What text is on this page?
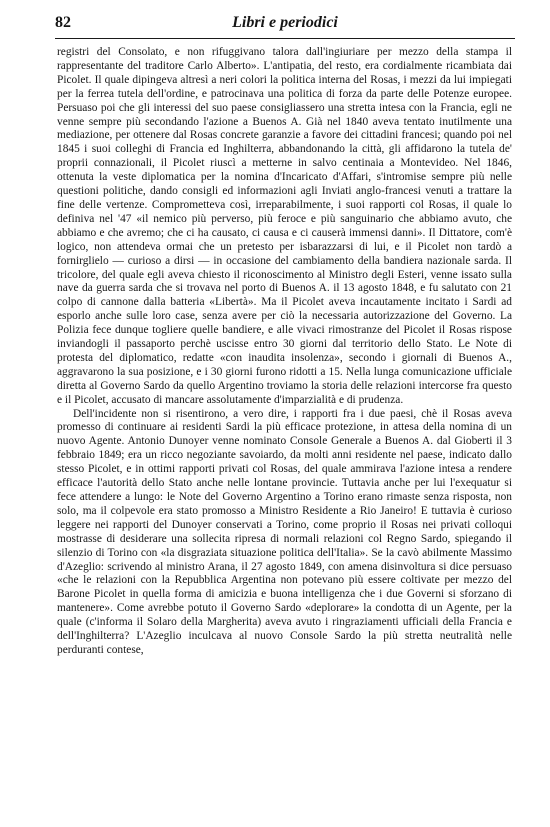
82	Libri e periodici

registri del Consolato, e non rifuggivano talora dall'ingiuriare per mezzo della stampa il rappresentante del traditore Carlo Alberto». L'antipatia, del resto, era cordialmente ricambiata dai Picolet. Il quale dipingeva altresì a neri colori la politica interna del Rosas, i mezzi da lui impiegati per la ferrea tutela dell'ordine, e patrocinava una politica di forza da parte delle Potenze europee. Persuaso poi che gli interessi del suo paese consigliassero una stretta intesa con la Francia, egli ne venne sempre più secondando l'azione a Buenos A. Già nel 1840 aveva tentato inutilmente una mediazione, per ottenere dal Rosas concrete garanzie a favore dei cittadini francesi; quando poi nel 1845 i suoi colleghi di Francia ed Inghilterra, abbandonando la città, gli affidarono la tutela de' proprii connazionali, il Picolet riuscì a metterne in salvo centinaia a Montevideo. Nel 1846, ottenuta la veste diplomatica per la nomina d'Incaricato d'Affari, s'intromise sempre più nelle questioni politiche, dando consigli ed informazioni agli Inviati anglo-francesi venuti a trattare la fine delle vertenze. Compromettevа così, irreparabilmente, i suoi rapporti col Rosas, il quale lo definiva nel '47 «il nemico più perverso, più feroce e più sanguinario che abbiamo avuto, che abbiamo e che avremo; che ci ha causato, ci causa e ci causerà immensi danni». Il Dittatore, com'è logico, non attendeva ormai che un pretesto per isbarazzarsi di lui, e il Picolet non tardò a fornirglielo — curioso a dirsi — in occasione del cambiamento della bandiera nazionale sarda. Il tricolore, del quale egli aveva chiesto il riconoscimento al Ministro degli Esteri, venne issato sulla nave da guerra sarda che si trovava nel porto di Buenos A. il 13 agosto 1848, e fu salutato con 21 colpo di cannone dalla batteria «Libertà». Ma il Picolet aveva incautamente incitato i Sardi ad esporlo anche sulle loro case, senza avere per ciò la necessaria autorizzazione del Governo. La Polizia fece dunque togliere quelle bandiere, e alle vivaci rimostranze del Picolet il Rosas rispose inviandogli il passaporto perchè uscisse entro 30 giorni dal territorio dello Stato. Le Note di protesta del diplomatico, redatte «con inaudita insolenza», secondo i giornali di Buenos A., aggravarono la sua posizione, e i 30 giorni furono ridotti a 15. Nella lunga comunicazione ufficiale diretta al Governo Sardo da quello Argentino troviamo la storia delle relazioni intercorse fra questo e il Picolet, accusato di mancare assolutamente d'imparzialità e di prudenza.

Dell'incidente non si risentirono, a vero dire, i rapporti fra i due paesi, chè il Rosas aveva promesso di continuare ai residenti Sardi la più efficace protezione, in attesa della nomina di un nuovo Agente. Antonio Dunoyer venne nominato Console Generale a Buenos A. dal Gioberti il 3 febbraio 1849; era un ricco negoziante savoiardo, da molti anni residente nel paese, indicato dallo stesso Picolet, e in ottimi rapporti privati col Rosas, del quale ammirava l'azione intesa a rendere efficace l'autorità dello Stato anche nelle lontane provincie. Tuttavia anche per lui l'exequatur si fece attendere a lungo: le Note del Governo Argentino a Torino erano rimaste senza risposta, non solo, ma il colpevole era stato promosso a Ministro Residente a Rio Janeiro! E tuttavia è curioso leggere nei rapporti del Dunoyer conservati a Torino, come proprio il Rosas nei privati colloqui mostrasse di desiderare una sollecita ripresa di normali relazioni col Regno Sardo, spiegando il silenzio di Torino con «la disgraziata situazione politica dell'Italia». Se la cavò abilmente Massimo d'Azeglio: scrivendo al ministro Arana, il 27 agosto 1849, con amena disinvoltura si dice persuaso «che le relazioni con la Repubblica Argentina non potevano più essere coltivate per mezzo del Barone Picolet in quella forma di amicizia e buona intelligenza che i due Governi si sforzano di mantenere». Come avrebbe potuto il Governo Sardo «deplorare» la condotta di un Agente, per la quale (c'informa il Solaro della Margherita) aveva avuto i ringraziamenti ufficiali della Francia e dell'Inghilterra? L'Azeglio inculcava al nuovo Console Sardo la più stretta neutralità nelle perduranti contese,
